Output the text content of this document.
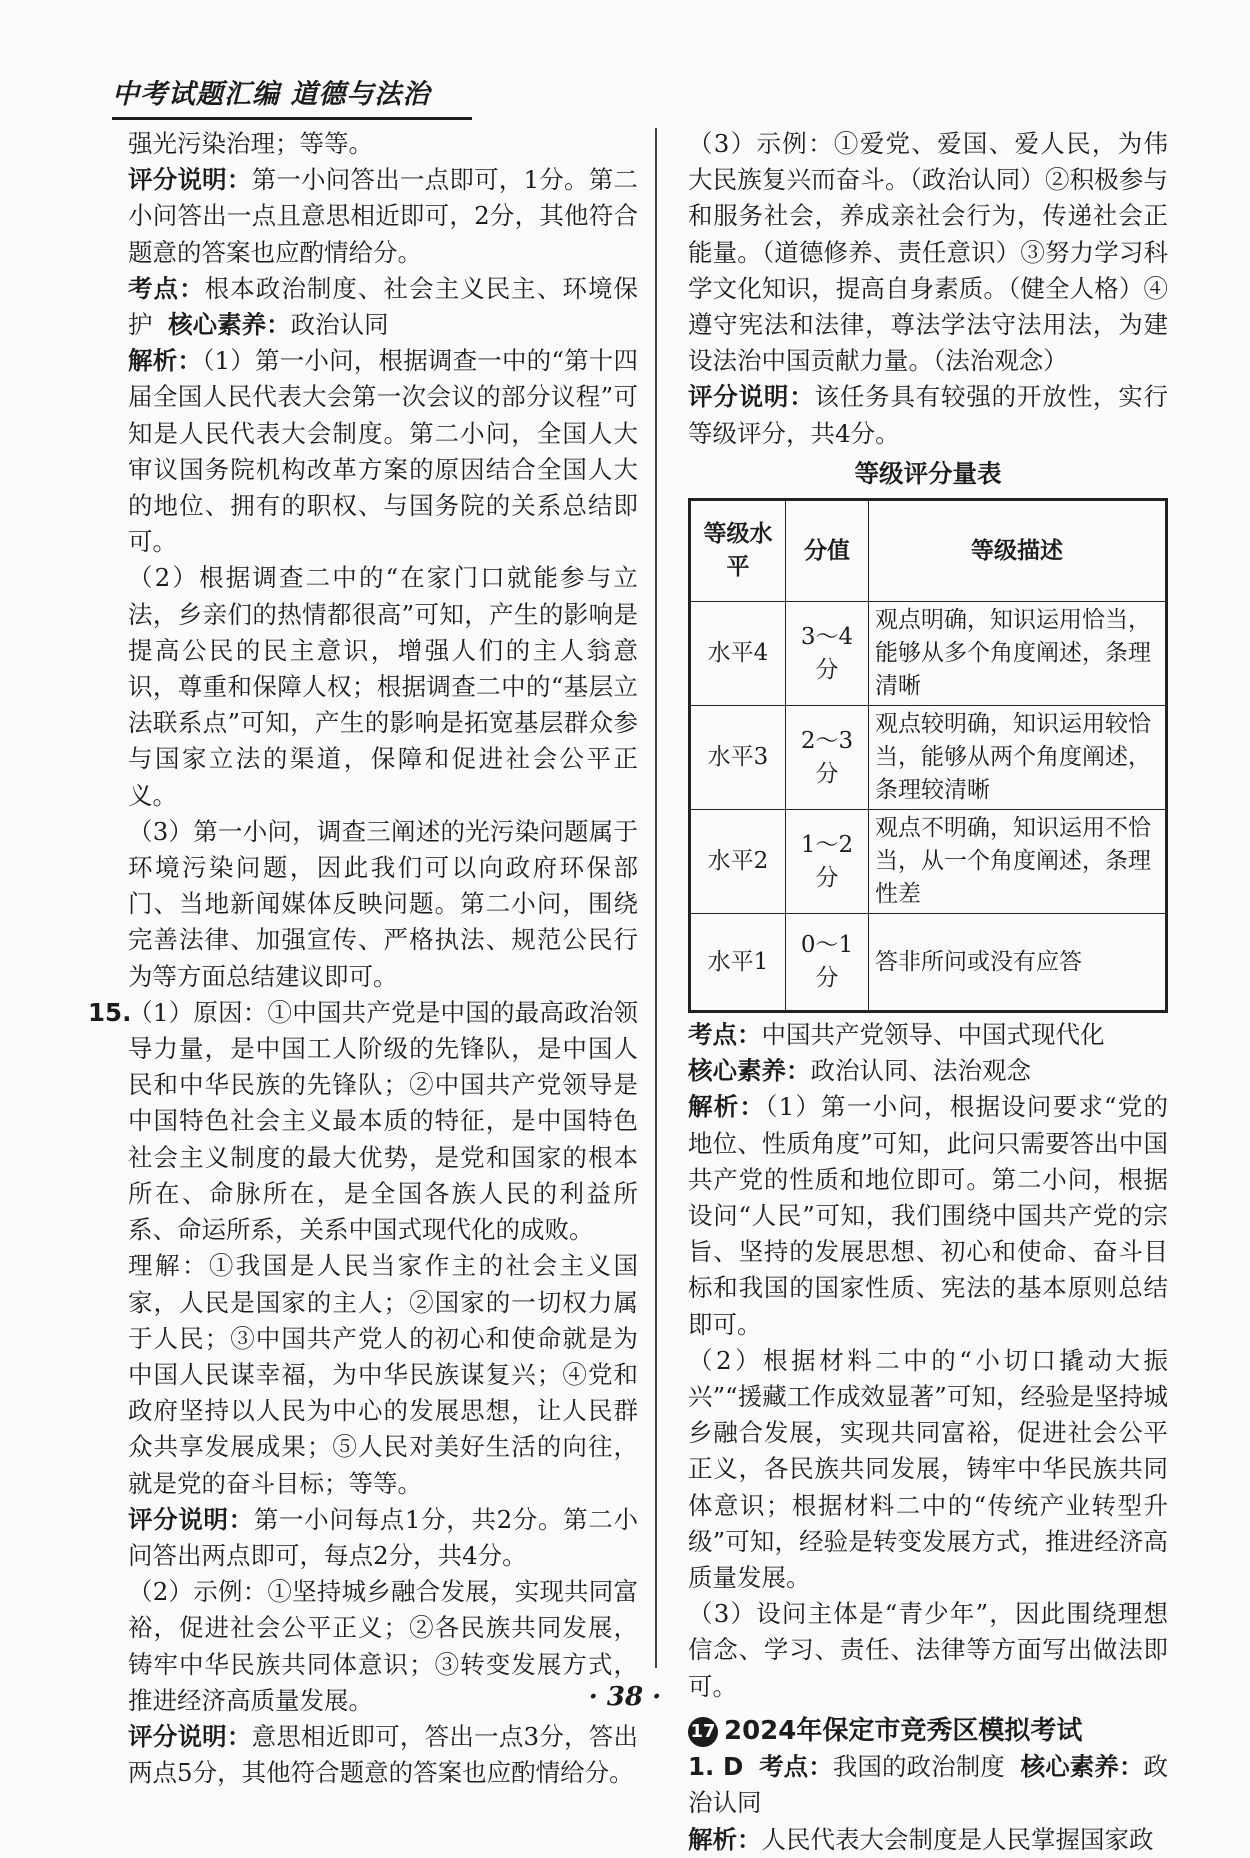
中考试题汇编 道德与法治

强光污染治理；等等。

评分说明：第一小问答出一点即可，1分。第二小问答出一点且意思相近即可，2分，其他符合题意的答案也应酌情给分。

考点：根本政治制度、社会主义民主、环境保护 核心素养：政治认同

解析：（1）第一小问，根据调查一中的“第十四届全国人民代表大会第一次会议的部分议程”可知是人民代表大会制度。第二小问，全国人大审议国务院机构改革方案的原因结合全国人大的地位、拥有的职权、与国务院的关系总结即可。

（2）根据调查二中的“在家门口就能参与立法，乡亲们的热情都很高”可知，产生的影响是提高公民的民主意识，增强人们的主人翁意识，尊重和保障人权；根据调查二中的“基层立法联系点”可知，产生的影响是拓宽基层群众参与国家立法的渠道，保障和促进社会公平正义。

（3）第一小问，调查三阐述的光污染问题属于环境污染问题，因此我们可以向政府环保部门、当地新闻媒体反映问题。第二小问，围绕完善法律、加强宣传、严格执法、规范公民行为等方面总结建议即可。

15.（1）原因：①中国共产党是中国的最高政治领导力量，是中国工人阶级的先锋队，是中国人民和中华民族的先锋队；②中国共产党领导是中国特色社会主义最本质的特征，是中国特色社会主义制度的最大优势，是党和国家的根本所在、命脉所在，是全国各族人民的利益所系、命运所系，关系中国式现代化的成败。

理解：①我国是人民当家作主的社会主义国家，人民是国家的主人；②国家的一切权力属于人民；③中国共产党人的初心和使命就是为中国人民谋幸福，为中华民族谋复兴；④党和政府坚持以人民为中心的发展思想，让人民群众共享发展成果；⑤人民对美好生活的向往，就是党的奋斗目标；等等。

评分说明：第一小问每点1分，共2分。第二小问答出两点即可，每点2分，共4分。

（2）示例：①坚持城乡融合发展，实现共同富裕，促进社会公平正义；②各民族共同发展，铸牢中华民族共同体意识；③转变发展方式，推进经济高质量发展。

评分说明：意思相近即可，答出一点3分，答出两点5分，其他符合题意的答案也应酌情给分。

（3）示例：①爱党、爱国、爱人民，为伟大民族复兴而奋斗。（政治认同）②积极参与和服务社会，养成亲社会行为，传递社会正能量。（道德修养、责任意识）③努力学习科学文化知识，提高自身素质。（健全人格）④遵守宪法和法律，尊法学法守法用法，为建设法治中国贡献力量。（法治观念）

评分说明：该任务具有较强的开放性，实行等级评分，共4分。

等级评分量表
等级水平	分值	等级描述
水平4	3～4分	观点明确，知识运用恰当，能够从多个角度阐述，条理清晰
水平3	2～3分	观点较明确，知识运用较恰当，能够从两个角度阐述，条理较清晰
水平2	1～2分	观点不明确，知识运用不恰当，从一个角度阐述，条理性差
水平1	0～1分	答非所问或没有应答

考点：中国共产党领导、中国式现代化

核心素养：政治认同、法治观念

解析：（1）第一小问，根据设问要求“党的地位、性质角度”可知，此问只需要答出中国共产党的性质和地位即可。第二小问，根据设问“人民”可知，我们围绕中国共产党的宗旨、坚持的发展思想、初心和使命、奋斗目标和我国的国家性质、宪法的基本原则总结即可。

（2）根据材料二中的“小切口撬动大振兴”“援藏工作成效显著”可知，经验是坚持城乡融合发展，实现共同富裕，促进社会公平正义，各民族共同发展，铸牢中华民族共同体意识；根据材料二中的“传统产业转型升级”可知，经验是转变发展方式，推进经济高质量发展。

（3）设问主体是“青少年”，因此围绕理想信念、学习、责任、法律等方面写出做法即可。

17 2024年保定市竞秀区模拟考试

1. D 考点：我国的政治制度 核心素养：政治认同

解析：人民代表大会制度是人民掌握国家政

· 38 ·
